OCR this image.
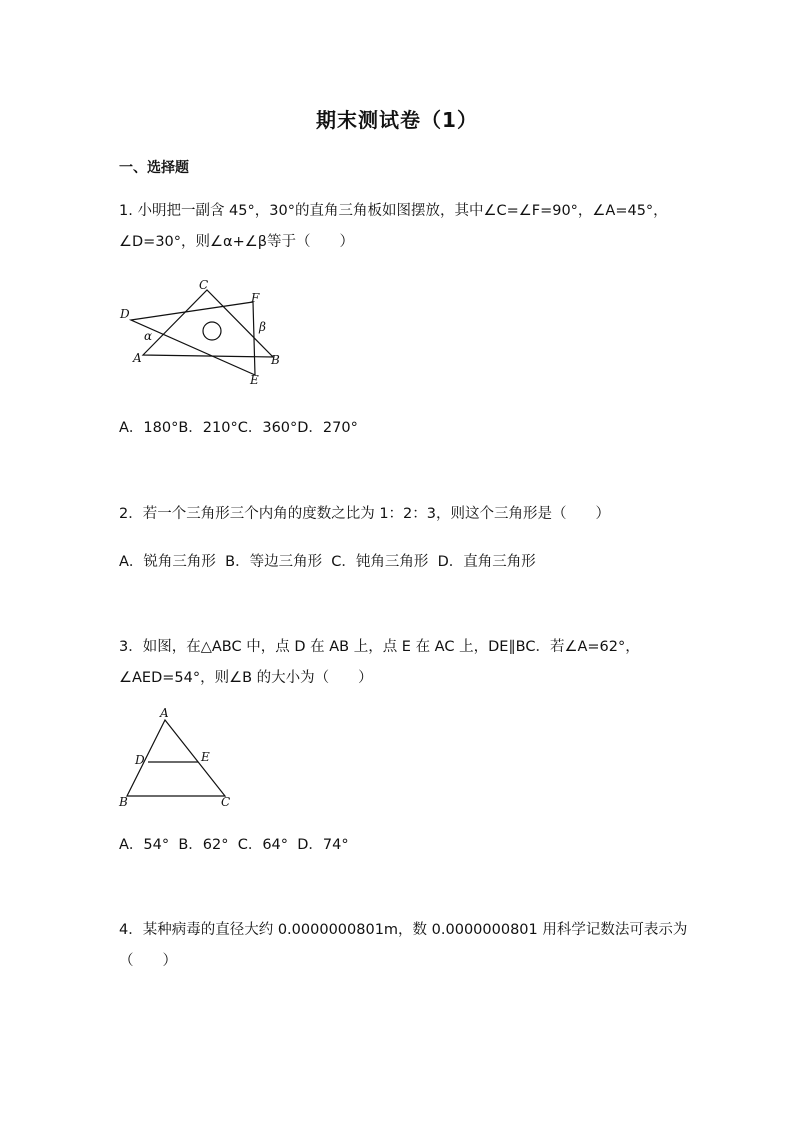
期末测试卷（1）
一、选择题
1. 小明把一副含 45°，30°的直角三角板如图摆放，其中∠C=∠F=90°，∠A=45°，∠D=30°，则∠α+∠β等于（　　）
C
F
D
α
β
A	B
E
A．180°B．210°C．360°D．270°
2．若一个三角形三个内角的度数之比为 1：2：3，则这个三角形是（　　）
A．锐角三角形  B．等边三角形  C．钝角三角形  D．直角三角形
3．如图，在△ABC 中，点 D 在 AB 上，点 E 在 AC 上，DE∥BC．若∠A=62°，∠AED=54°，则∠B 的大小为（　　）
A
D	E
B	C
A．54°  B．62°  C．64°  D．74°
4．某种病毒的直径大约 0.0000000801m，数 0.0000000801 用科学记数法可表示为（　　）
